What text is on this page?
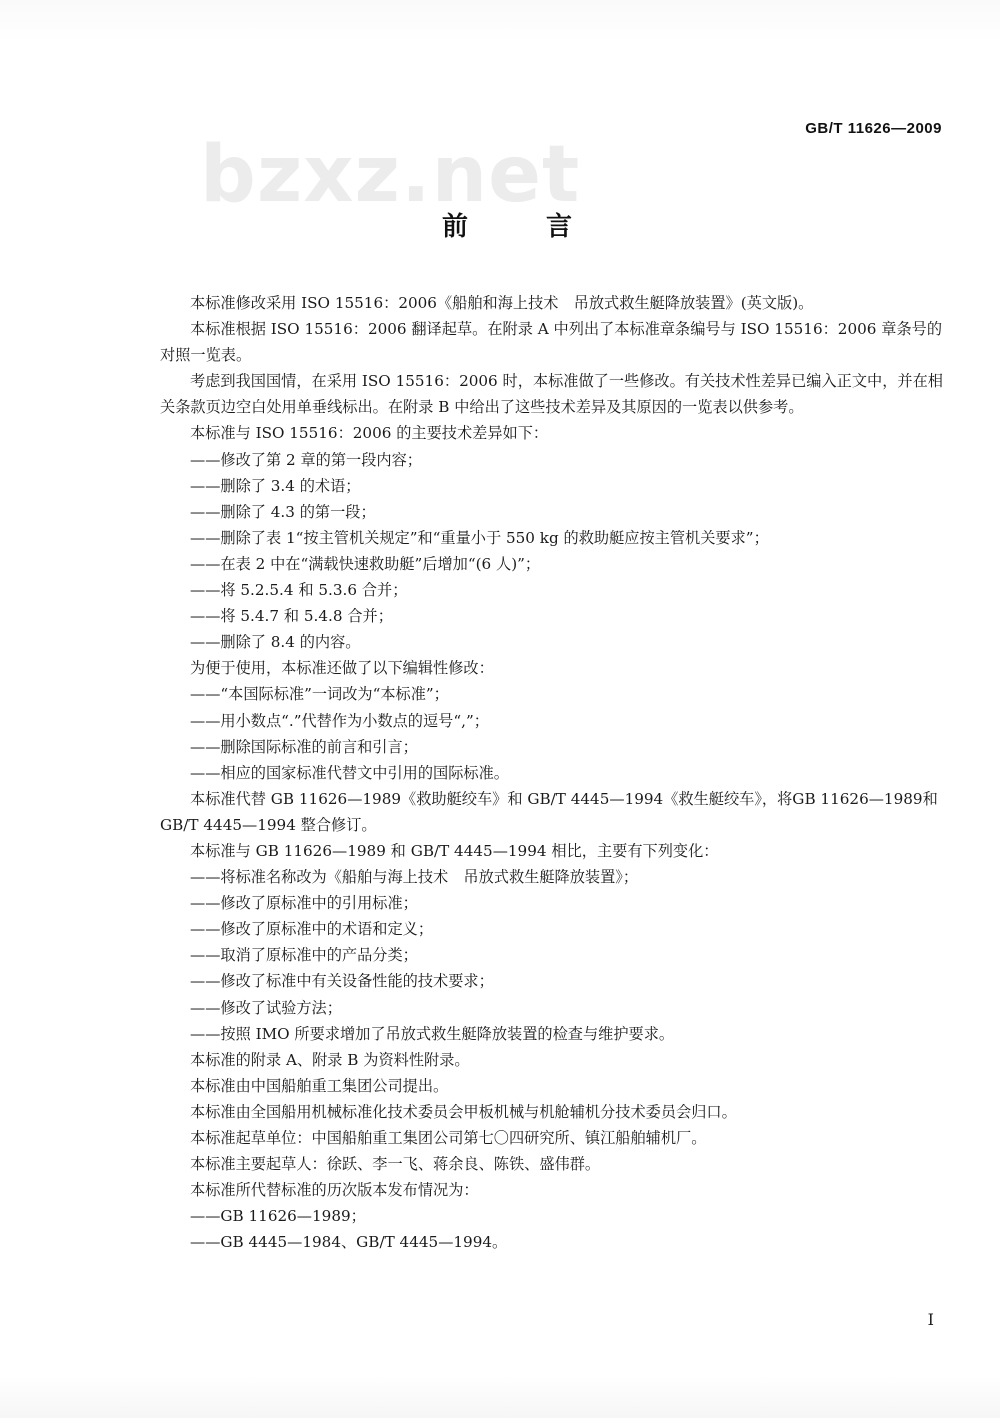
GB/T 11626—2009
bzxz.net
前　言

本标准修改采用 ISO 15516：2006《船舶和海上技术　吊放式救生艇降放装置》(英文版)。

本标准根据 ISO 15516：2006 翻译起草。在附录 A 中列出了本标准章条编号与 ISO 15516：2006 章条号的对照一览表。

考虑到我国国情，在采用 ISO 15516：2006 时，本标准做了一些修改。有关技术性差异已编入正文中，并在相关条款页边空白处用单垂线标出。在附录 B 中给出了这些技术差异及其原因的一览表以供参考。

本标准与 ISO 15516：2006 的主要技术差异如下：

——修改了第 2 章的第一段内容；

——删除了 3.4 的术语；

——删除了 4.3 的第一段；

——删除了表 1“按主管机关规定”和“重量小于 550 kg 的救助艇应按主管机关要求”；

——在表 2 中在“满载快速救助艇”后增加“(6 人)”；

——将 5.2.5.4 和 5.3.6 合并；

——将 5.4.7 和 5.4.8 合并；

——删除了 8.4 的内容。

为便于使用，本标准还做了以下编辑性修改：

——“本国际标准”一词改为“本标准”；

——用小数点“.”代替作为小数点的逗号“,”；

——删除国际标准的前言和引言；

——相应的国家标准代替文中引用的国际标准。

本标准代替 GB 11626—1989《救助艇绞车》和 GB/T 4445—1994《救生艇绞车》，将GB 11626—1989和 GB/T 4445—1994 整合修订。

本标准与 GB 11626—1989 和 GB/T 4445—1994 相比，主要有下列变化：

——将标准名称改为《船舶与海上技术　吊放式救生艇降放装置》；

——修改了原标准中的引用标准；

——修改了原标准中的术语和定义；

——取消了原标准中的产品分类；

——修改了标准中有关设备性能的技术要求；

——修改了试验方法；

——按照 IMO 所要求增加了吊放式救生艇降放装置的检查与维护要求。

本标准的附录 A、附录 B 为资料性附录。

本标准由中国船舶重工集团公司提出。

本标准由全国船用机械标准化技术委员会甲板机械与机舱辅机分技术委员会归口。

本标准起草单位：中国船舶重工集团公司第七〇四研究所、镇江船舶辅机厂。

本标准主要起草人：徐跃、李一飞、蒋余良、陈铁、盛伟群。

本标准所代替标准的历次版本发布情况为：

——GB 11626—1989；

——GB 4445—1984、GB/T 4445—1994。

I
